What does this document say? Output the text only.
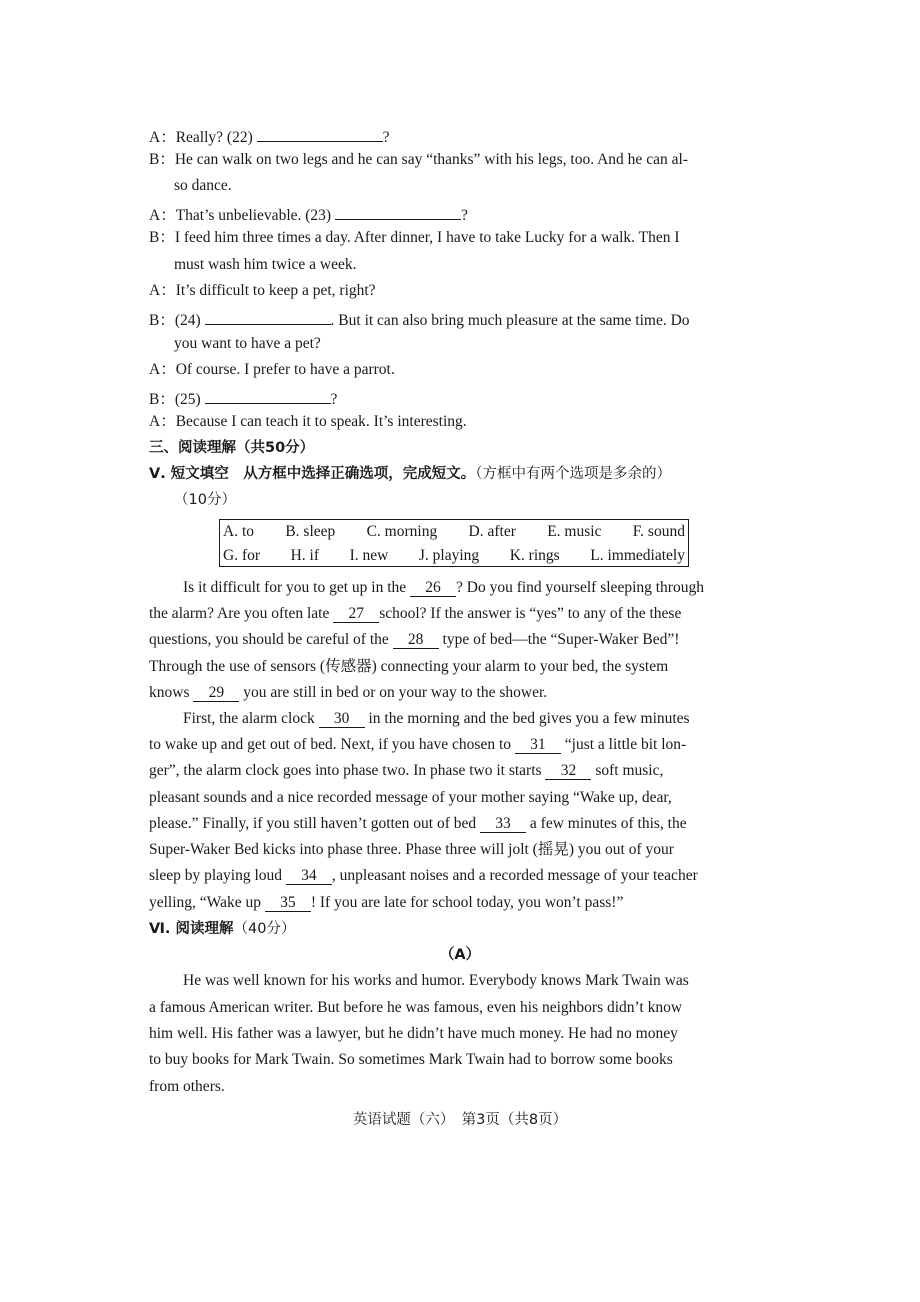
A：Really? (22)	?
B：He can walk on two legs and he can say “thanks” with his legs, too. And he can al-
so dance.
A：That’s unbelievable. (23)	?
B：I feed him three times a day. After dinner, I have to take Lucky for a walk. Then I
must wash him twice a week.
A：It’s difficult to keep a pet, right?
B：(24)	. But it can also bring much pleasure at the same time. Do
you want to have a pet?
A：Of course. I prefer to have a parrot.
B：(25)	?
A：Because I can teach it to speak. It’s interesting.
三、阅读理解（共50分）
Ⅴ. 短文填空　从方框中选择正确选项，完成短文。（方框中有两个选项是多余的）
（10分）
A. to B. sleep C. morning D. after E. music F. sound
G. for H. if I. new J. playing K. rings L. immediately
Is it difficult for you to get up in the 26 ? Do you find yourself sleeping through
the alarm? Are you often late 27 school? If the answer is “yes” to any of the these
questions, you should be careful of the 28 type of bed—the “Super-Waker Bed”!
Through the use of sensors (传感器) connecting your alarm to your bed, the system
knows 29 you are still in bed or on your way to the shower.
First, the alarm clock 30 in the morning and the bed gives you a few minutes
to wake up and get out of bed. Next, if you have chosen to 31 “just a little bit lon-
ger”, the alarm clock goes into phase two. In phase two it starts 32 soft music,
pleasant sounds and a nice recorded message of your mother saying “Wake up, dear,
please.” Finally, if you still haven’t gotten out of bed 33 a few minutes of this, the
Super-Waker Bed kicks into phase three. Phase three will jolt (摇晃) you out of your
sleep by playing loud 34 , unpleasant noises and a recorded message of your teacher
yelling, “Wake up 35 ! If you are late for school today, you won’t pass!”
Ⅵ. 阅读理解（40分）
（A）
He was well known for his works and humor. Everybody knows Mark Twain was
a famous American writer. But before he was famous, even his neighbors didn’t know
him well. His father was a lawyer, but he didn’t have much money. He had no money
to buy books for Mark Twain. So sometimes Mark Twain had to borrow some books
from others.
英语试题（六）　第3页（共8页）
